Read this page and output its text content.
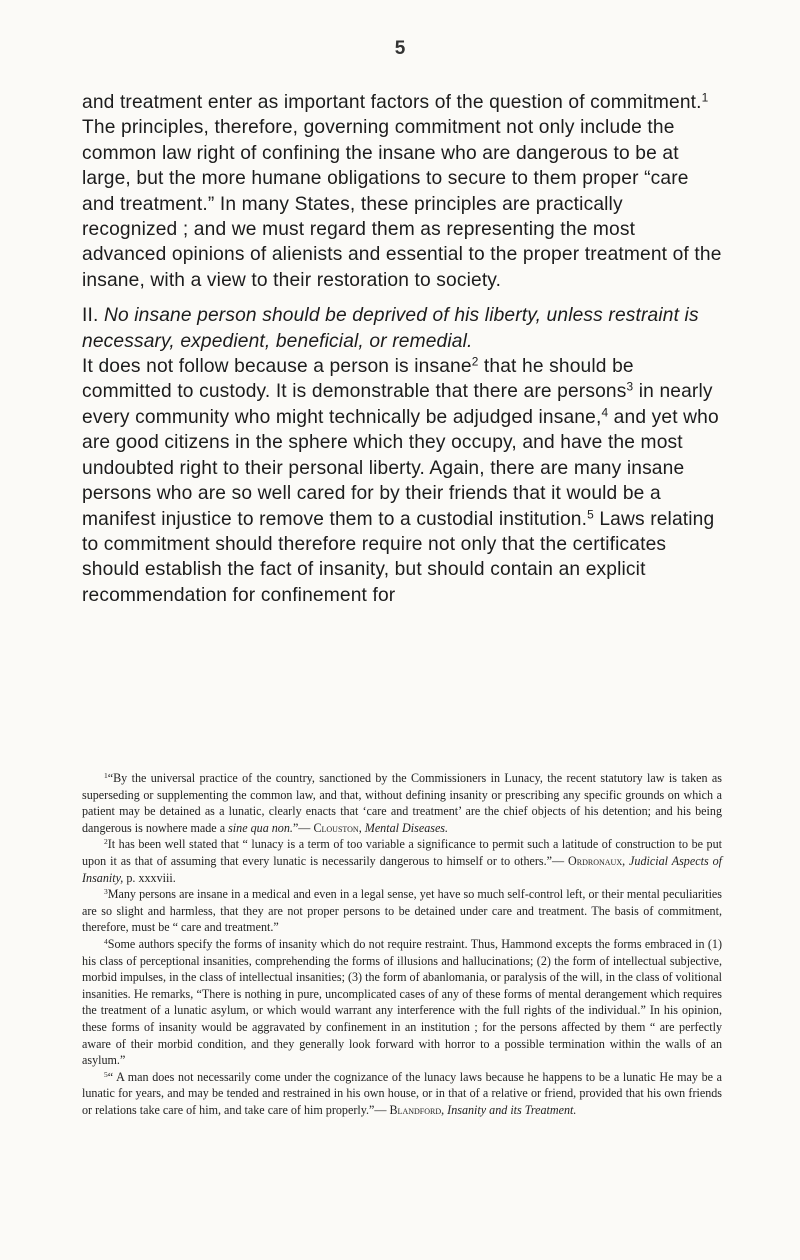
5

and treatment enter as important factors of the question of commitment.$^1$

The principles, therefore, governing commitment not only include the common law right of confining the insane who are dangerous to be at large, but the more humane obligations to secure to them proper “care and treatment.” In many States, these principles are practically recognized ; and we must regard them as representing the most advanced opinions of alienists and essential to the proper treatment of the insane, with a view to their restoration to society.

II. No insane person should be deprived of his liberty, unless restraint is necessary, expedient, beneficial, or remedial.

It does not follow because a person is insane$^2$ that he should be committed to custody. It is demonstrable that there are persons$^3$ in nearly every community who might technically be adjudged insane,$^4$ and yet who are good citizens in the sphere which they occupy, and have the most undoubted right to their personal liberty. Again, there are many insane persons who are so well cared for by their friends that it would be a manifest injustice to remove them to a custodial institution.$^5$ Laws relating to commitment should therefore require not only that the certificates should establish the fact of insanity, but should contain an explicit recommendation for confinement for

$^1$“By the universal practice of the country, sanctioned by the Commissioners in Lunacy, the recent statutory law is taken as superseding or supplementing the common law, and that, without defining insanity or prescribing any specific grounds on which a patient may be detained as a lunatic, clearly enacts that ‘care and treatment’ are the chief objects of his detention; and his being dangerous is nowhere made a sine qua non.”— Clouston, Mental Diseases.

$^2$It has been well stated that “ lunacy is a term of too variable a significance to permit such a latitude of construction to be put upon it as that of assuming that every lunatic is necessarily dangerous to himself or to others.”— Ordronaux, Judicial Aspects of Insanity, p. xxxviii.

$^3$Many persons are insane in a medical and even in a legal sense, yet have so much self-control left, or their mental peculiarities are so slight and harmless, that they are not proper persons to be detained under care and treatment. The basis of commitment, therefore, must be “ care and treatment.”

$^4$Some authors specify the forms of insanity which do not require restraint. Thus, Hammond excepts the forms embraced in (1) his class of perceptional insanities, comprehending the forms of illusions and hallucinations; (2) the form of intellectual subjective, morbid impulses, in the class of intellectual insanities; (3) the form of abanlomania, or paralysis of the will, in the class of volitional insanities. He remarks, “There is nothing in pure, uncomplicated cases of any of these forms of mental derangement which requires the treatment of a lunatic asylum, or which would warrant any interference with the full rights of the individual.” In his opinion, these forms of insanity would be aggravated by confinement in an institution ; for the persons affected by them “ are perfectly aware of their morbid condition, and they generally look forward with horror to a possible termination within the walls of an asylum.”

$^5$“ A man does not necessarily come under the cognizance of the lunacy laws because he happens to be a lunatic He may be a lunatic for years, and may be tended and restrained in his own house, or in that of a relative or friend, provided that his own friends or relations take care of him, and take care of him properly.”— Blandford, Insanity and its Treatment.
